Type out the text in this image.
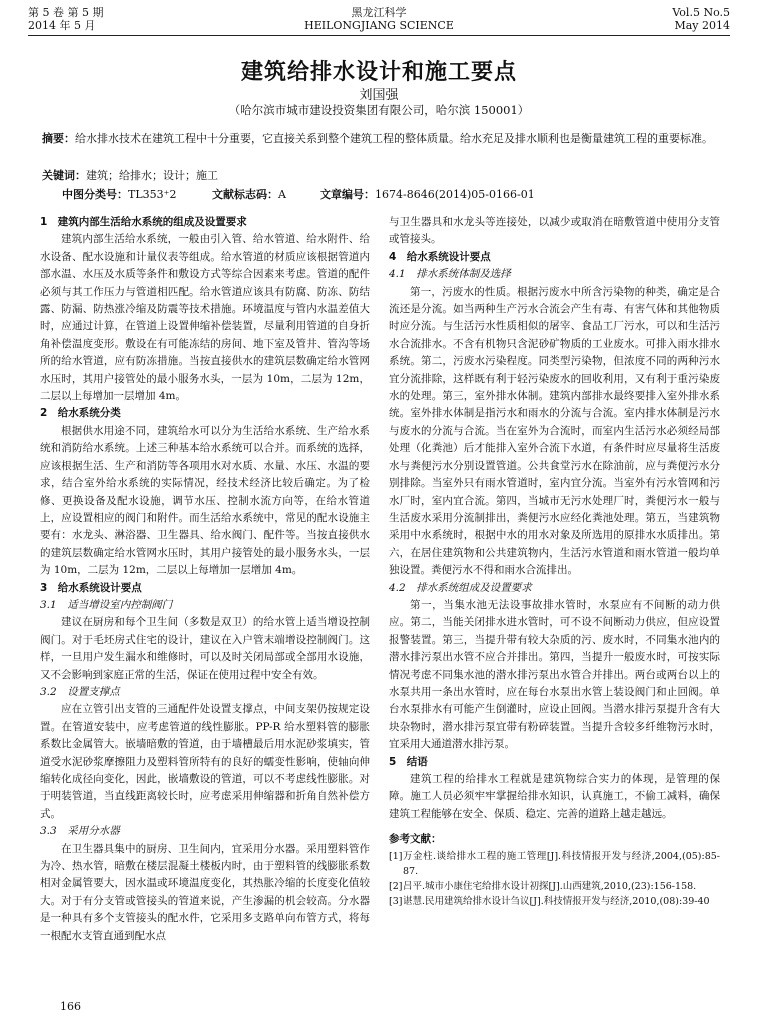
第 5 卷 第 5 期
2014 年 5 月
黑龙江科学
HEILONGJIANG SCIENCE
Vol.5 No.5
May 2014
建筑给排水设计和施工要点
刘国强
（哈尔滨市城市建设投资集团有限公司，哈尔滨 150001）
摘要：给水排水技术在建筑工程中十分重要，它直接关系到整个建筑工程的整体质量。给水充足及排水顺利也是衡量建筑工程的重要标准。
关键词：建筑；给排水；设计；施工
中图分类号：TL353⁺2	文献标志码：A	文章编号：1674-8646(2014)05-0166-01
1　建筑内部生活给水系统的组成及设置要求

建筑内部生活给水系统，一般由引入管、给水管道、给水附件、给水设备、配水设施和计量仪表等组成。给水管道的材质应该根据管道内部水温、水压及水质等条件和敷设方式等综合因素来考虑。管道的配件必须与其工作压力与管道相匹配。给水管道应该具有防腐、防冻、防结露、防漏、防热涨冷缩及防震等技术措施。环境温度与管内水温差值大时，应通过计算，在管道上设置伸缩补偿装置，尽量利用管道的自身折角补偿温度变形。敷设在有可能冻结的房间、地下室及管井、管沟等场所的给水管道，应有防冻措施。当按直接供水的建筑层数确定给水管网水压时，其用户接管处的最小服务水头，一层为 10m，二层为 12m，二层以上每增加一层增加 4m。

2　给水系统分类

根据供水用途不同，建筑给水可以分为生活给水系统、生产给水系统和消防给水系统。上述三种基本给水系统可以合并。而系统的选择，应该根据生活、生产和消防等各项用水对水质、水量、水压、水温的要求，结合室外给水系统的实际情况，经技术经济比较后确定。为了检修、更换设备及配水设施，调节水压、控制水流方向等，在给水管道上，应设置相应的阀门和附件。而生活给水系统中，常见的配水设施主要有：水龙头、淋浴器、卫生器具、给水阀门、配件等。当按直接供水的建筑层数确定给水管网水压时，其用户接管处的最小服务水头，一层为 10m，二层为 12m，二层以上每增加一层增加 4m。

3　给水系统设计要点
3.1　适当增设室内控制阀门

建议在厨房和每个卫生间（多数是双卫）的给水管上适当增设控制阀门。对于毛坯房式住宅的设计，建议在入户管末端增设控制阀门。这样，一旦用户发生漏水和维修时，可以及时关闭局部或全部用水设施，又不会影响到家庭正常的生活，保证在使用过程中安全有效。

3.2　设置支撑点

应在立管引出支管的三通配件处设置支撑点，中间支架仍按规定设置。在管道安装中，应考虑管道的线性膨胀。PP-R 给水塑料管的膨胀系数比金属管大。嵌墙暗敷的管道，由于墙槽最后用水泥砂浆填实，管道受水泥砂浆摩擦阻力及塑料管所特有的良好的蠕变性影响，使轴向伸缩转化成径向变化，因此，嵌墙敷设的管道，可以不考虑线性膨胀。对于明装管道，当直线距离较长时，应考虑采用伸缩器和折角自然补偿方式。

3.3　采用分水器

在卫生器具集中的厨房、卫生间内，宜采用分水器。采用塑料管作为冷、热水管，暗敷在楼层混凝土楼板内时，由于塑料管的线膨胀系数相对金属管要大，因水温或环境温度变化，其热胀冷缩的长度变化值较大。对于有分支管或管接头的管道来说，产生渗漏的机会较高。分水器是一种具有多个支管接头的配水件，它采用多支路单向布管方式，将每一根配水支管直通到配水点

与卫生器具和水龙头等连接处，以减少或取消在暗敷管道中使用分支管或管接头。

4　给水系统设计要点
4.1　排水系统体制及选择

第一，污废水的性质。根据污废水中所含污染物的种类，确定是合流还是分流。如当两种生产污水合流会产生有毒、有害气体和其他物质时应分流。与生活污水性质相似的屠宰、食品工厂污水，可以和生活污水合流排水。不含有机物只含泥砂矿物质的工业废水。可排入雨水排水系统。第二，污废水污染程度。同类型污染物，但浓度不同的两种污水宜分流排除，这样既有利于轻污染废水的回收利用，又有利于重污染废水的处理。第三，室外排水体制。建筑内部排水最终要排入室外排水系统。室外排水体制是指污水和雨水的分流与合流。室内排水体制是污水与废水的分流与合流。当在室外为合流时，而室内生活污水必须经局部处理（化粪池）后才能排入室外合流下水道，有条件时应尽量将生活废水与粪便污水分别设置管道。公共食堂污水在除油前，应与粪便污水分别排除。当室外只有雨水管道时，室内宜分流。当室外有污水管网和污水厂时，室内宜合流。第四，当城市无污水处理厂时，粪便污水一般与生活废水采用分流制排出，粪便污水应经化粪池处理。第五，当建筑物采用中水系统时，根据中水的用水对象及所选用的原排水水质排出。第六，在居住建筑物和公共建筑物内，生活污水管道和雨水管道一般均单独设置。粪便污水不得和雨水合流排出。

4.2　排水系统组成及设置要求

第一，当集水池无法设事故排水管时，水泵应有不间断的动力供应。第二，当能关闭排水进水管时，可不设不间断动力供应，但应设置报警装置。第三，当提升带有较大杂质的污、废水时，不同集水池内的潜水排污泵出水管不应合并排出。第四，当提升一般废水时，可按实际情况考虑不同集水池的潜水排污泵出水管合并排出。两台或两台以上的水泵共用一条出水管时，应在每台水泵出水管上装设阀门和止回阀。单台水泵排水有可能产生倒灌时，应设止回阀。当潜水排污泵提升含有大块杂物时，潜水排污泵宜带有粉碎装置。当提升含较多纤维物污水时，宜采用大通道潜水排污泵。

5　结语

建筑工程的给排水工程就是建筑物综合实力的体现，是管理的保障。施工人员必须牢牢掌握给排水知识，认真施工，不偷工减料，确保建筑工程能够在安全、保质、稳定、完善的道路上越走越远。

参考文献：

[1] 万金柱.谈给排水工程的施工管理[J].科技情报开发与经济,2004,(05):85-87.

[2] 吕平.城市小康住宅给排水设计初探[J].山西建筑,2010,(23):156-158.

[3] 谌慧.民用建筑给排水设计刍议[J].科技情报开发与经济,2010,(08):39-40

166
